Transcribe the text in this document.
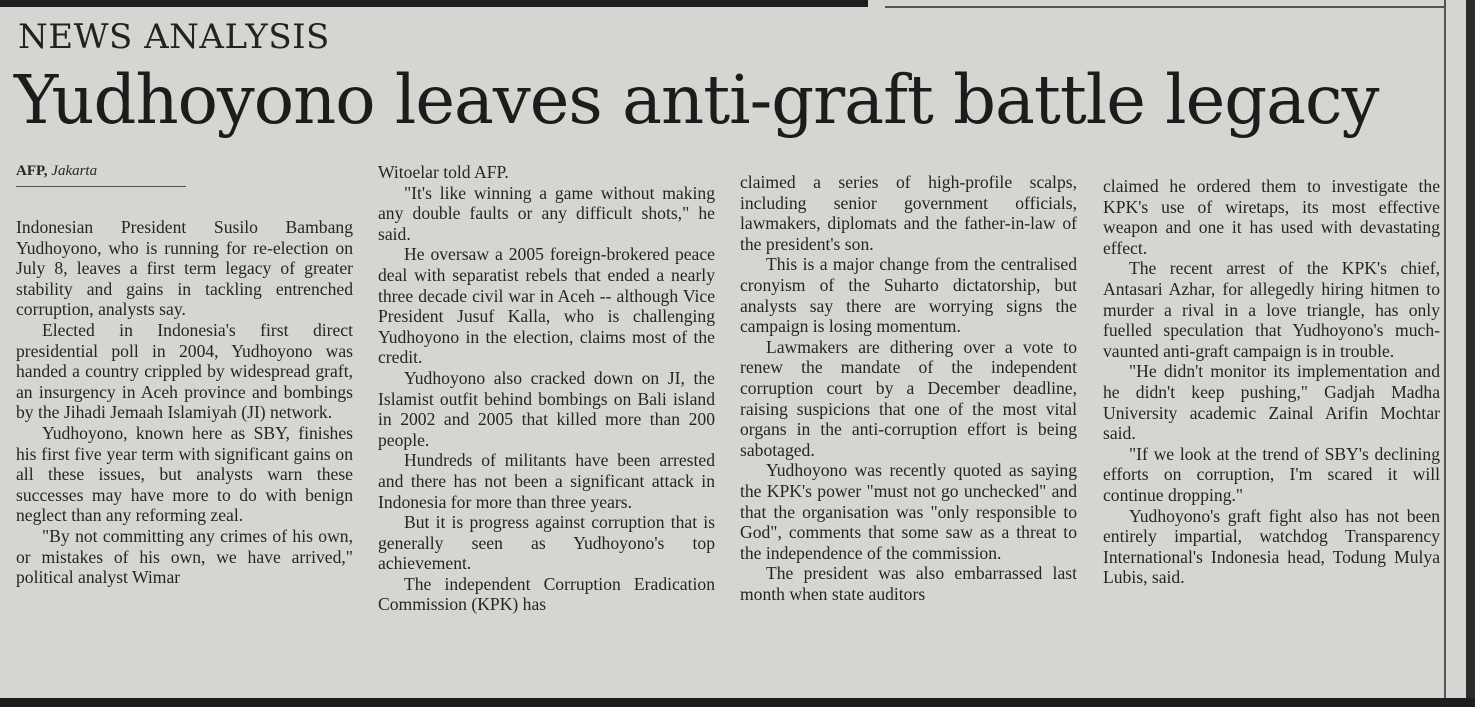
NEWS ANALYSIS
Yudhoyono leaves anti-graft battle legacy
AFP, Jakarta

Indonesian President Susilo Bambang Yudhoyono, who is running for re-election on July 8, leaves a first term legacy of greater stability and gains in tackling entrenched corruption, analysts say.

Elected in Indonesia's first direct presidential poll in 2004, Yudhoyono was handed a country crippled by widespread graft, an insurgency in Aceh province and bombings by the Jihadi Jemaah Islamiyah (JI) network.

Yudhoyono, known here as SBY, finishes his first five year term with significant gains on all these issues, but analysts warn these successes may have more to do with benign neglect than any reforming zeal.

"By not committing any crimes of his own, or mistakes of his own, we have arrived," political analyst Wimar

Witoelar told AFP.

"It's like winning a game without making any double faults or any difficult shots," he said.

He oversaw a 2005 foreign-brokered peace deal with separatist rebels that ended a nearly three decade civil war in Aceh -- although Vice President Jusuf Kalla, who is challenging Yudhoyono in the election, claims most of the credit.

Yudhoyono also cracked down on JI, the Islamist outfit behind bombings on Bali island in 2002 and 2005 that killed more than 200 people.

Hundreds of militants have been arrested and there has not been a significant attack in Indonesia for more than three years.

But it is progress against corruption that is generally seen as Yudhoyono's top achievement.

The independent Corruption Eradication Commission (KPK) has

claimed a series of high-profile scalps, including senior government officials, lawmakers, diplomats and the father-in-law of the president's son.

This is a major change from the centralised cronyism of the Suharto dictatorship, but analysts say there are worrying signs the campaign is losing momentum.

Lawmakers are dithering over a vote to renew the mandate of the independent corruption court by a December deadline, raising suspicions that one of the most vital organs in the anti-corruption effort is being sabotaged.

Yudhoyono was recently quoted as saying the KPK's power "must not go unchecked" and that the organisation was "only responsible to God", comments that some saw as a threat to the independence of the commission.

The president was also embarrassed last month when state auditors

claimed he ordered them to investigate the KPK's use of wiretaps, its most effective weapon and one it has used with devastating effect.

The recent arrest of the KPK's chief, Antasari Azhar, for allegedly hiring hitmen to murder a rival in a love triangle, has only fuelled speculation that Yudhoyono's much-vaunted anti-graft campaign is in trouble.

"He didn't monitor its implementation and he didn't keep pushing," Gadjah Madha University academic Zainal Arifin Mochtar said.

"If we look at the trend of SBY's declining efforts on corruption, I'm scared it will continue dropping."

Yudhoyono's graft fight also has not been entirely impartial, watchdog Transparency International's Indonesia head, Todung Mulya Lubis, said.
